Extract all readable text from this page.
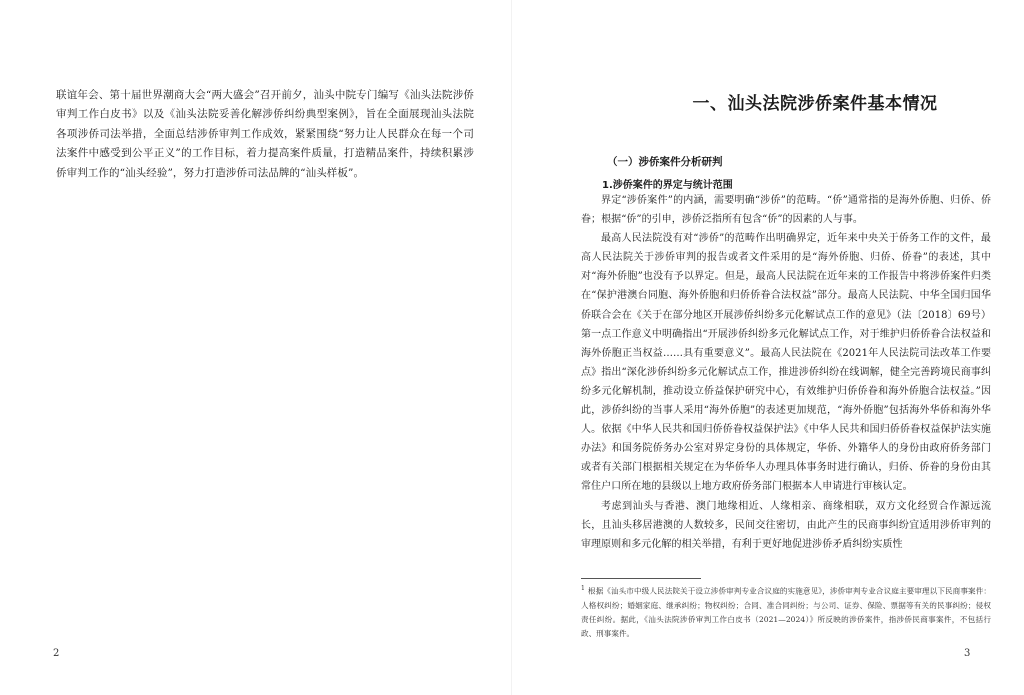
联谊年会、第十届世界潮商大会“两大盛会”召开前夕，汕头中院专门编写《汕头法院涉侨审判工作白皮书》以及《汕头法院妥善化解涉侨纠纷典型案例》，旨在全面展现汕头法院各项涉侨司法举措，全面总结涉侨审判工作成效，紧紧围绕“努力让人民群众在每一个司法案件中感受到公平正义”的工作目标，着力提高案件质量，打造精品案件，持续积累涉侨审判工作的“汕头经验”，努力打造涉侨司法品牌的“汕头样板”。

2
一、汕头法院涉侨案件基本情况
（一）涉侨案件分析研判
1.涉侨案件的界定与统计范围

界定“涉侨案件”的内涵，需要明确“涉侨”的范畴。“侨”通常指的是海外侨胞、归侨、侨眷；根据“侨”的引申，涉侨泛指所有包含“侨”的因素的人与事。

最高人民法院没有对“涉侨”的范畴作出明确界定，近年来中央关于侨务工作的文件，最高人民法院关于涉侨审判的报告或者文件采用的是“海外侨胞、归侨、侨眷”的表述，其中对“海外侨胞”也没有予以界定。但是，最高人民法院在近年来的工作报告中将涉侨案件归类在“保护港澳台同胞、海外侨胞和归侨侨眷合法权益”部分。最高人民法院、中华全国归国华侨联合会在《关于在部分地区开展涉侨纠纷多元化解试点工作的意见》（法〔2018〕69号）第一点工作意义中明确指出“开展涉侨纠纷多元化解试点工作，对于维护归侨侨眷合法权益和海外侨胞正当权益……具有重要意义”。最高人民法院在《2021年人民法院司法改革工作要点》指出“深化涉侨纠纷多元化解试点工作，推进涉侨纠纷在线调解，健全完善跨境民商事纠纷多元化解机制，推动设立侨益保护研究中心，有效维护归侨侨眷和海外侨胞合法权益。”因此，涉侨纠纷的当事人采用“海外侨胞”的表述更加规范，“海外侨胞”包括海外华侨和海外华人。依据《中华人民共和国归侨侨眷权益保护法》《中华人民共和国归侨侨眷权益保护法实施办法》和国务院侨务办公室对界定身份的具体规定，华侨、外籍华人的身份由政府侨务部门或者有关部门根据相关规定在为华侨华人办理具体事务时进行确认，归侨、侨眷的身份由其常住户口所在地的县级以上地方政府侨务部门根据本人申请进行审核认定。

考虑到汕头与香港、澳门地缘相近、人缘相亲、商缘相联，双方文化经贸合作源远流长，且汕头移居港澳的人数较多，民间交往密切，由此产生的民商事纠纷宜适用涉侨审判的审理原则和多元化解的相关举措，有利于更好地促进涉侨矛盾纠纷实质性

$^1$ 根据《汕头市中级人民法院关于设立涉侨审判专业合议庭的实施意见》，涉侨审判专业合议庭主要审理以下民商事案件：人格权纠纷；婚姻家庭、继承纠纷；物权纠纷；合同、准合同纠纷；与公司、证券、保险、票据等有关的民事纠纷；侵权责任纠纷。据此，《汕头法院涉侨审判工作白皮书（2021—2024）》所反映的涉侨案件，指涉侨民商事案件，不包括行政、刑事案件。
3
